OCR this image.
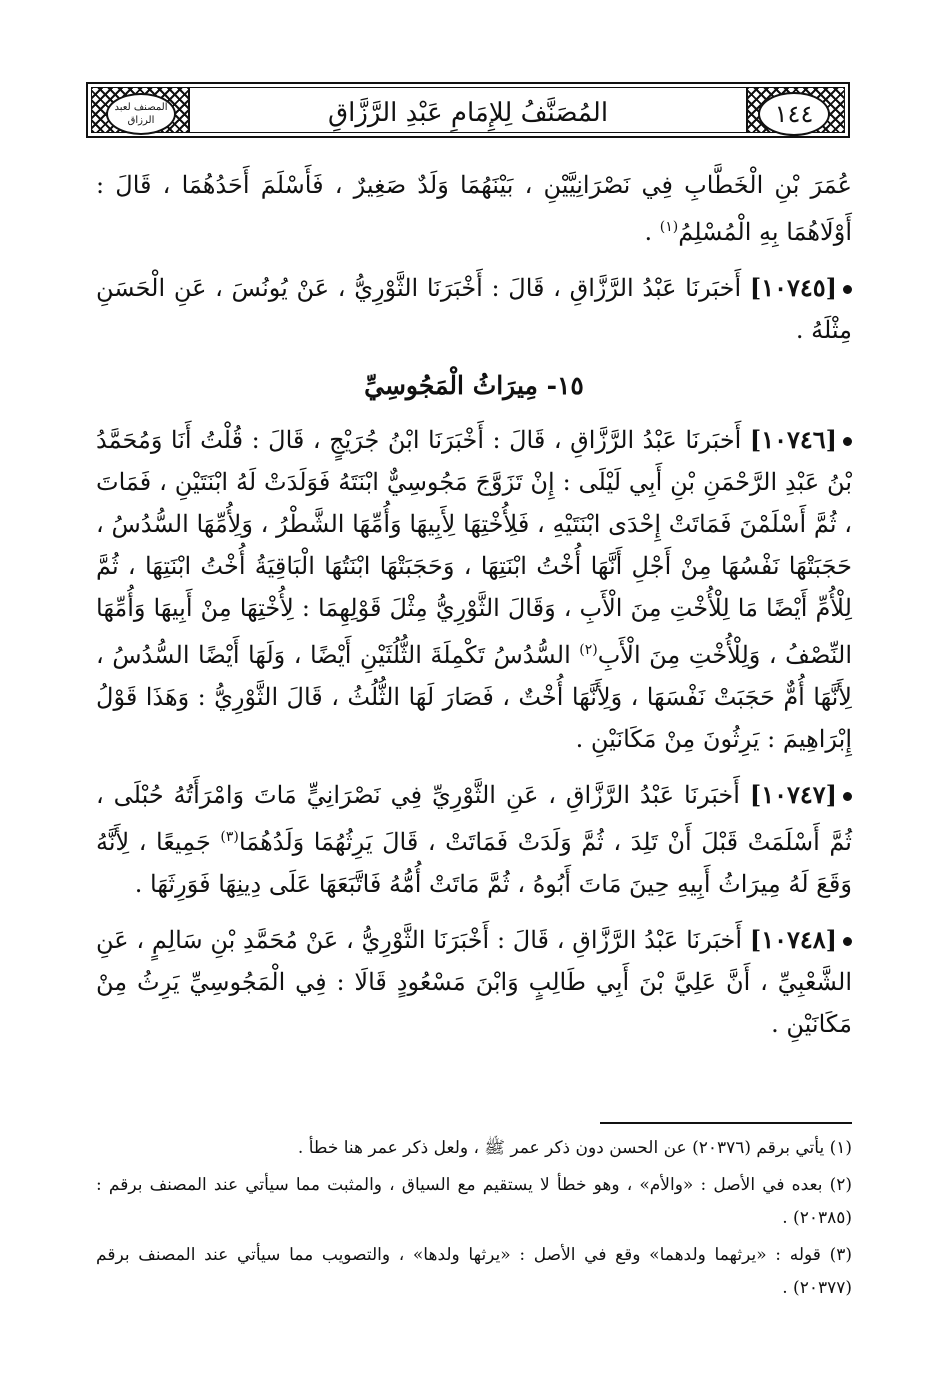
المصنف لعبد الرزاق	المُصَنَّفُ لِلإِمَامِ عَبْدِ الرَّزَّاقِ	١٤٤

عُمَرَ بْنِ الْخَطَّابِ فِي نَصْرَانِيَّيْنِ ، بَيْنَهُمَا وَلَدٌ صَغِيرٌ ، فَأَسْلَمَ أَحَدُهُمَا ، قَالَ : أَوْلَاهُمَا بِهِ الْمُسْلِمُ$^{(١)}$ .

[١٠٧٤٥] أَخبَرنَا عَبْدُ الرَّزَّاقِ ، قَالَ : أَخْبَرَنَا الثَّوْرِيُّ ، عَنْ يُونُسَ ، عَنِ الْحَسَنِ مِثْلَهُ .

١٥- مِيرَاثُ الْمَجُوسِيِّ

[١٠٧٤٦] أَخبَرنَا عَبْدُ الرَّزَّاقِ ، قَالَ : أَخْبَرَنَا ابْنُ جُرَيْجٍ ، قَالَ : قُلْتُ أَنَا وَمُحَمَّدُ بْنُ عَبْدِ الرَّحْمَنِ بْنِ أَبِي لَيْلَى : إِنْ تَزَوَّجَ مَجُوسِيٌّ ابْنَتَهُ فَوَلَدَتْ لَهُ ابْنَتَيْنِ ، فَمَاتَ ، ثُمَّ أَسْلَمْنَ فَمَاتَتْ إِحْدَى ابْنَتَيْهِ ، فَلِأُخْتِهَا لِأَبِيهَا وَأُمِّهَا الشَّطْرُ ، وَلِأُمِّهَا السُّدُسُ ، حَجَبَتْهَا نَفْسُهَا مِنْ أَجْلِ أَنَّهَا أُخْتُ ابْنَتِهَا ، وَحَجَبَتْهَا ابْنَتُهَا الْبَاقِيَةُ أُخْتُ ابْنَتِهَا ، ثُمَّ لِلْأُمِّ أَيْضًا مَا لِلْأُخْتِ مِنَ الْأَبِ ، وَقَالَ الثَّوْرِيُّ مِثْلَ قَوْلِهِمَا : لِأُخْتِهَا مِنْ أَبِيهَا وَأُمِّهَا النِّصْفُ ، وَلِلْأُخْتِ مِنَ الْأَبِ$^{(٢)}$ السُّدُسُ تَكْمِلَةَ الثُّلُثَيْنِ أَيْضًا ، وَلَهَا أَيْضًا السُّدُسُ ، لِأَنَّهَا أُمٌّ حَجَبَتْ نَفْسَهَا ، وَلِأَنَّهَا أُخْتٌ ، فَصَارَ لَهَا الثُّلُثُ ، قَالَ الثَّوْرِيُّ : وَهَذَا قَوْلُ إِبْرَاهِيمَ : يَرِثُونَ مِنْ مَكَانَيْنِ .

[١٠٧٤٧] أَخبَرنَا عَبْدُ الرَّزَّاقِ ، عَنِ الثَّوْرِيِّ فِي نَصْرَانِيٍّ مَاتَ وَامْرَأَتُهُ حُبْلَى ، ثُمَّ أَسْلَمَتْ قَبْلَ أَنْ تَلِدَ ، ثُمَّ وَلَدَتْ فَمَاتَتْ ، قَالَ يَرِثُهُمَا وَلَدُهُمَا$^{(٣)}$ جَمِيعًا ، لِأَنَّهُ وَقَعَ لَهُ مِيرَاثُ أَبِيهِ حِينَ مَاتَ أَبُوهُ ، ثُمَّ مَاتَتْ أُمُّهُ فَاتَّبَعَهَا عَلَى دِينِهَا فَوَرِثَهَا .

[١٠٧٤٨] أَخبَرنَا عَبْدُ الرَّزَّاقِ ، قَالَ : أَخْبَرَنَا الثَّوْرِيُّ ، عَنْ مُحَمَّدِ بْنِ سَالِمٍ ، عَنِ الشَّعْبِيِّ ، أَنَّ عَلِيَّ بْنَ أَبِي طَالِبٍ وَابْنَ مَسْعُودٍ قَالَا : فِي الْمَجُوسِيِّ يَرِثُ مِنْ مَكَانَيْنِ .

(١) يأتي برقم (٢٠٣٧٦) عن الحسن دون ذكر عمر ﷺ ، ولعل ذكر عمر هنا خطأ .

(٢) بعده في الأصل : «والأم» ، وهو خطأ لا يستقيم مع السياق ، والمثبت مما سيأتي عند المصنف برقم : (٢٠٣٨٥) .

(٣) قوله : «يرثهما ولدهما» وقع في الأصل : «يرثها ولدها» ، والتصويب مما سيأتي عند المصنف برقم (٢٠٣٧٧) .
